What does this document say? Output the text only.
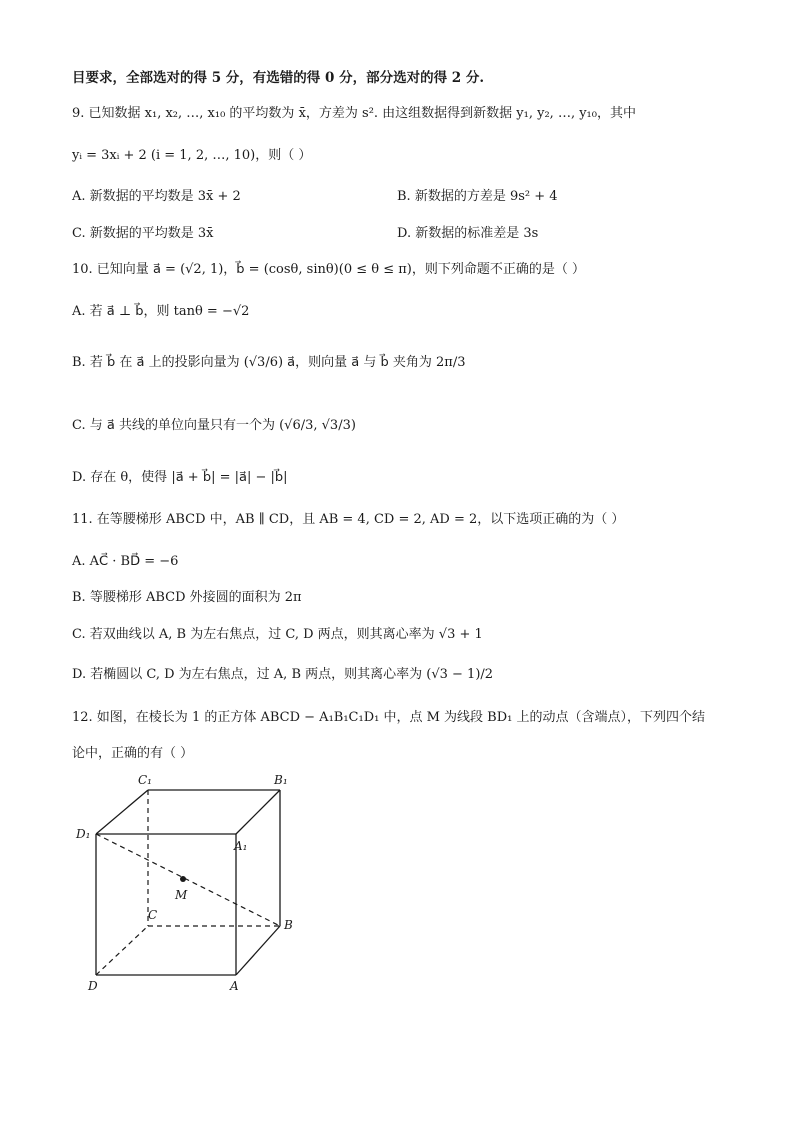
目要求，全部选对的得 5 分，有选错的得 0 分，部分选对的得 2 分.
9. 已知数据 x₁, x₂, …, x₁₀ 的平均数为 x̄，方差为 s². 由这组数据得到新数据 y₁, y₂, …, y₁₀，其中
yᵢ = 3xᵢ + 2 (i = 1, 2, …, 10)，则（ ）
A. 新数据的平均数是 3x̄ + 2	B. 新数据的方差是 9s² + 4
C. 新数据的平均数是 3x̄	D. 新数据的标准差是 3s
10. 已知向量 a⃗ = (√2, 1)，b⃗ = (cosθ, sinθ)(0 ≤ θ ≤ π)，则下列命题不正确的是（ ）
A. 若 a⃗ ⊥ b⃗，则 tanθ = −√2
B. 若 b⃗ 在 a⃗ 上的投影向量为 (√3/6) a⃗，则向量 a⃗ 与 b⃗ 夹角为 2π/3
C. 与 a⃗ 共线的单位向量只有一个为 (√6/3, √3/3)
D. 存在 θ，使得 |a⃗ + b⃗| = |a⃗| − |b⃗|
11. 在等腰梯形 ABCD 中，AB ∥ CD，且 AB = 4, CD = 2, AD = 2，以下选项正确的为（ ）
A. AC⃗ · BD⃗ = −6
B. 等腰梯形 ABCD 外接圆的面积为 2π
C. 若双曲线以 A, B 为左右焦点，过 C, D 两点，则其离心率为 √3 + 1
D. 若椭圆以 C, D 为左右焦点，过 A, B 两点，则其离心率为 (√3 − 1)/2
12. 如图，在棱长为 1 的正方体 ABCD − A₁B₁C₁D₁ 中，点 M 为线段 BD₁ 上的动点（含端点），下列四个结
论中，正确的有（ ）
C₁	B₁
D₁
A₁
M
C
B
D	A
